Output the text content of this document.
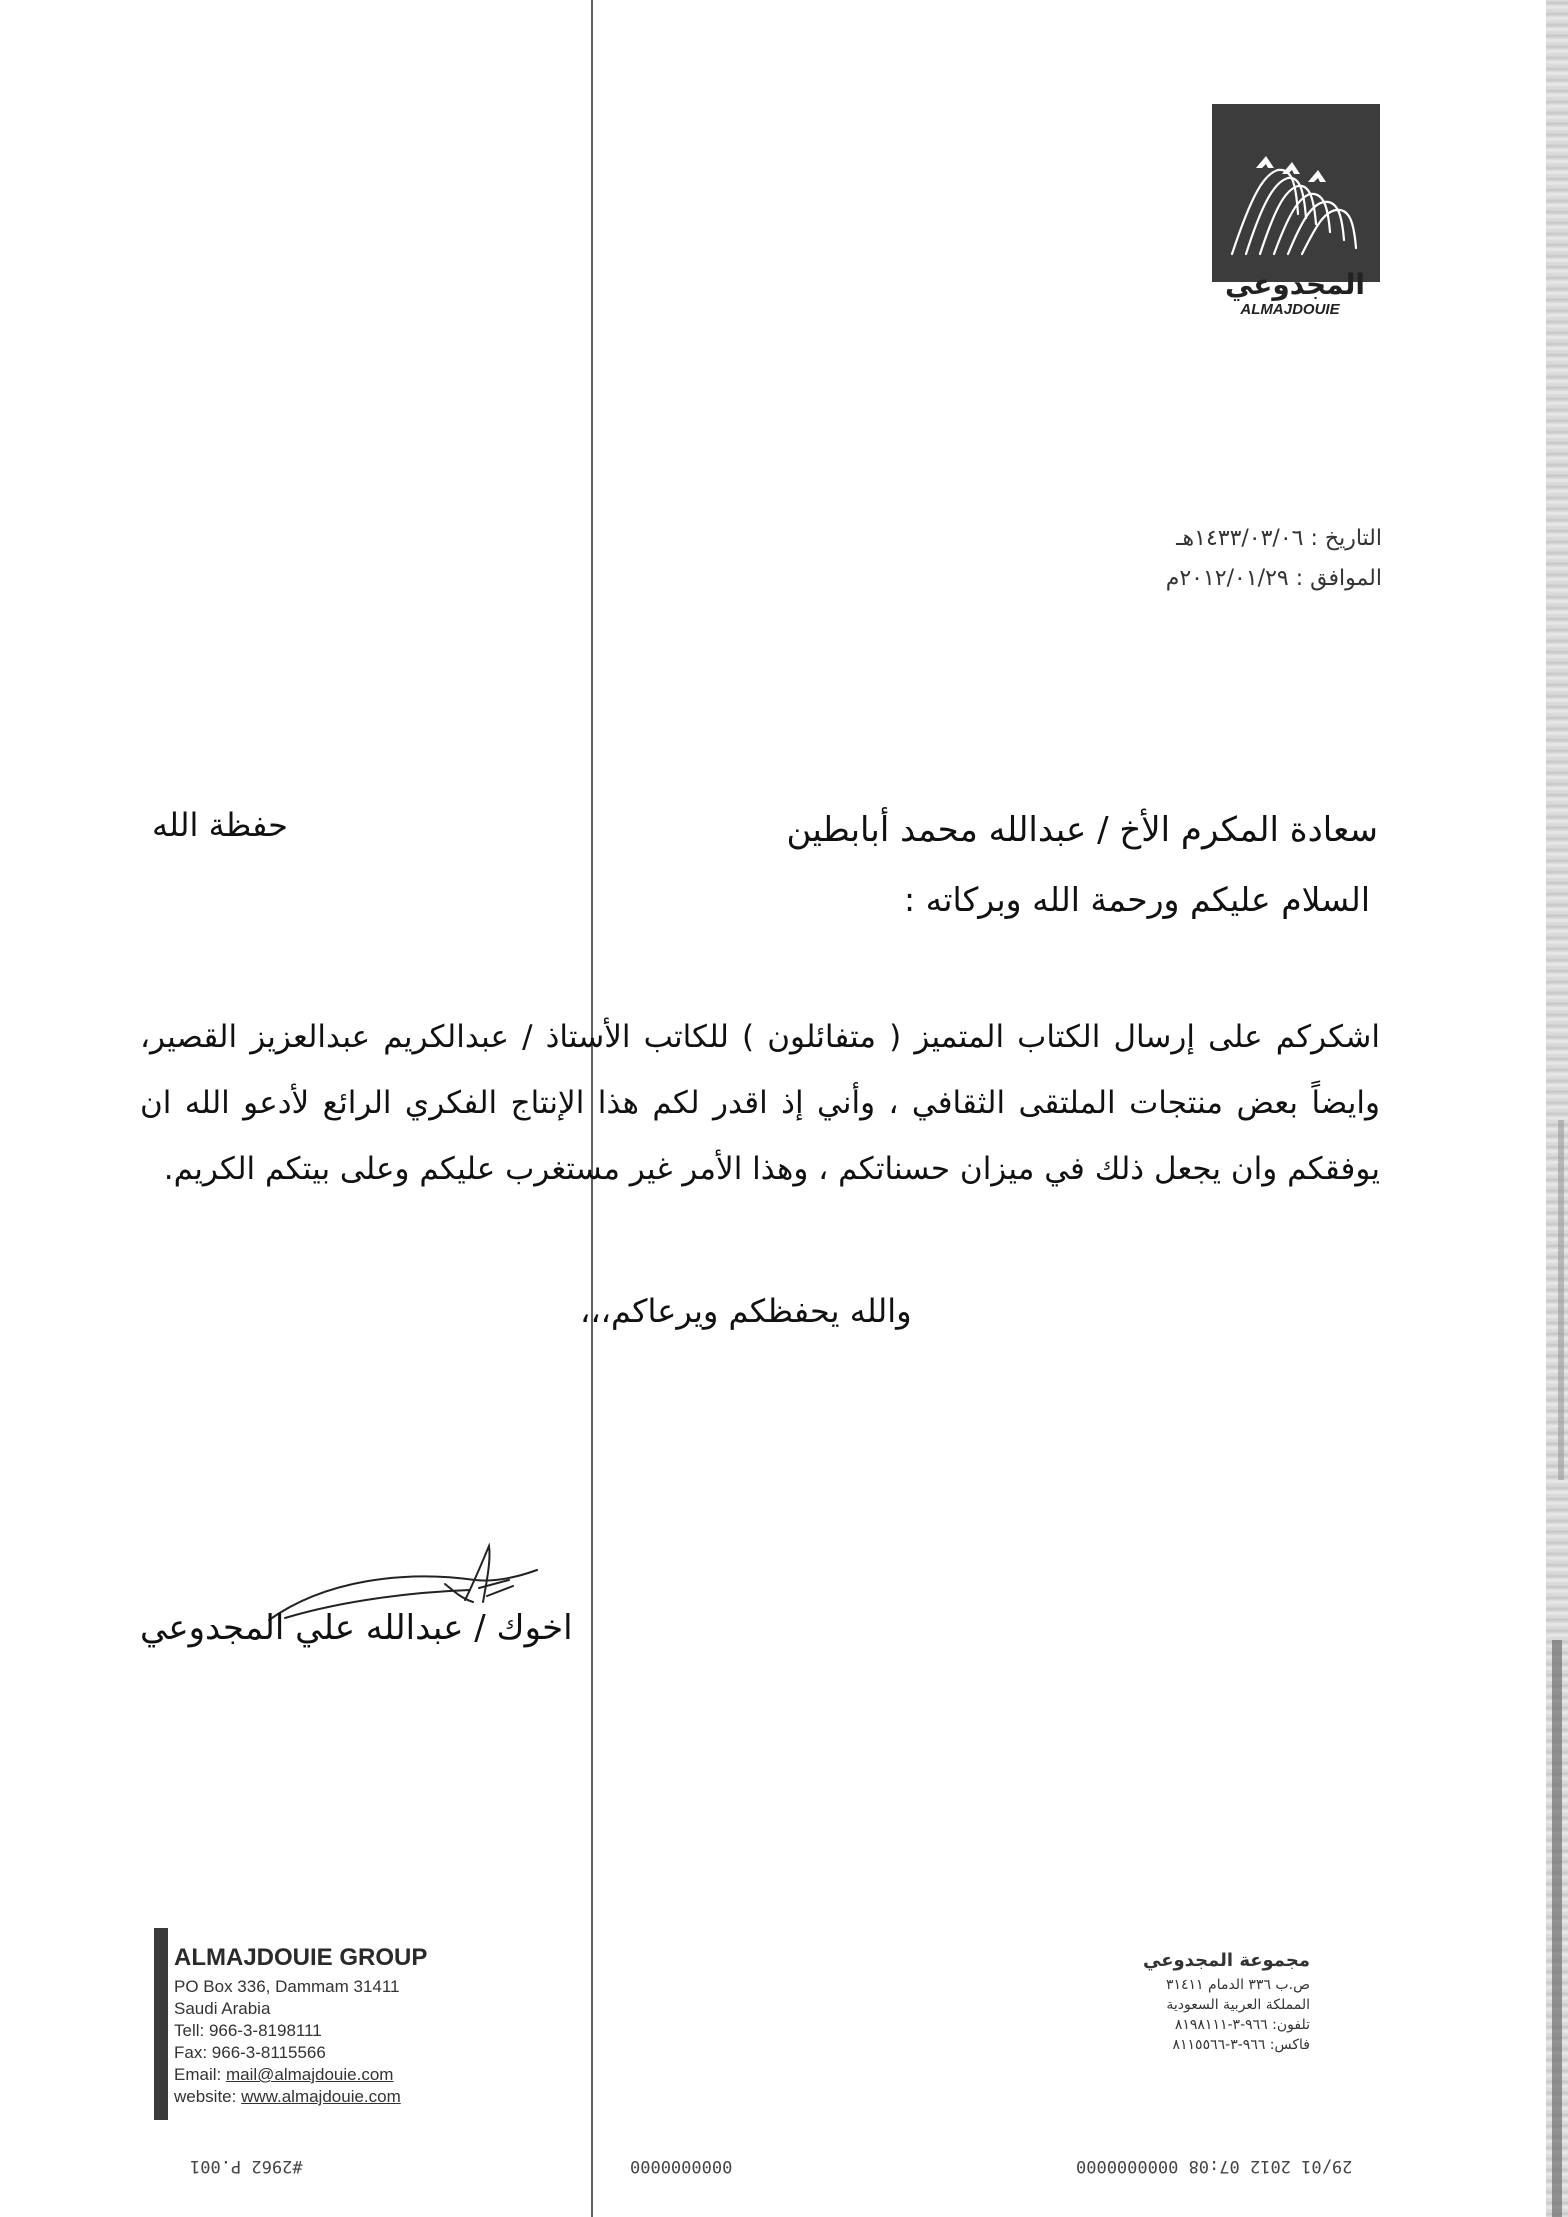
المجدوعي
ALMAJDOUIE
التاريخ : ١٤٣٣/٠٣/٠٦هـ
الموافق : ٢٠١٢/٠١/٢٩م
سعادة المكرم الأخ / عبدالله محمد أبابطين
حفظة الله
السلام عليكم ورحمة الله وبركاته :
اشكركم على إرسال الكتاب المتميز ( متفائلون ) للكاتب الأستاذ / عبدالكريم عبدالعزيز القصير، وايضاً بعض منتجات الملتقى الثقافي ، وأني إذ اقدر لكم هذا الإنتاج الفكري الرائع لأدعو الله ان يوفقكم وان يجعل ذلك في ميزان حسناتكم ، وهذا الأمر غير مستغرب عليكم وعلى بيتكم الكريم.
والله يحفظكم ويرعاكم،،،
اخوك / عبدالله علي المجدوعي
ALMAJDOUIE GROUP
PO Box 336, Dammam 31411
Saudi Arabia
Tell: 966-3-8198111
Fax: 966-3-8115566
Email: mail@almajdouie.com
website: www.almajdouie.com
مجموعة المجدوعي
ص.ب ٣٣٦ الدمام ٣١٤١١
المملكة العربية السعودية
تلفون: ٩٦٦-٣-٨١٩٨١١١
فاكس: ٩٦٦-٣-٨١١٥٥٦٦
#2962 P.001	0000000000	29/01 2012 07:08 0000000000
